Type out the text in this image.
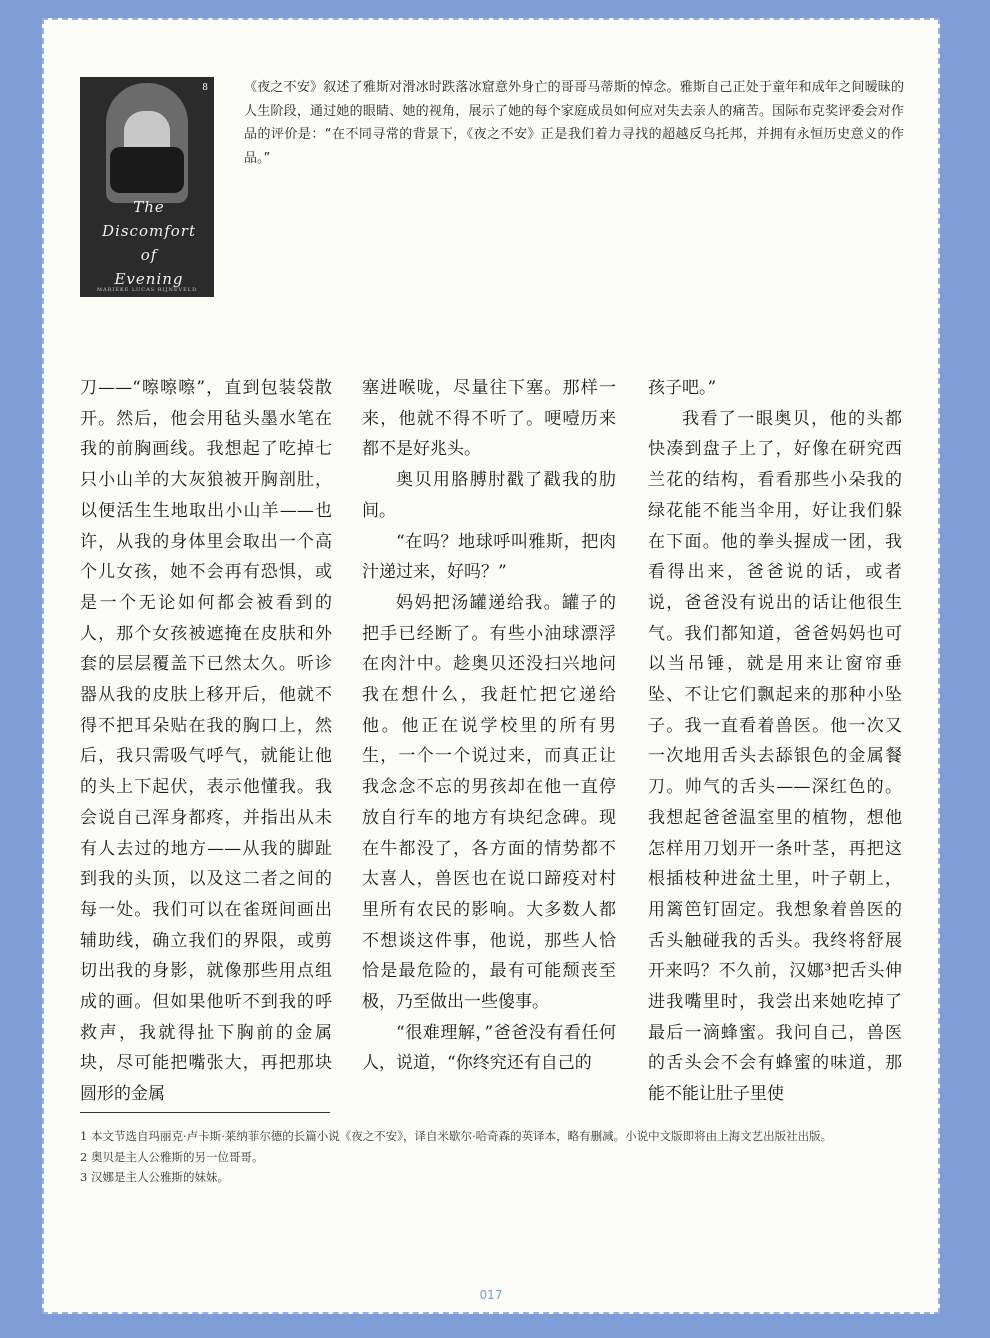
8
The
Discomfort
of
Evening
MARIEKE LUCAS RIJNEVELD
《夜之不安》叙述了雅斯对滑冰时跌落冰窟意外身亡的哥哥马蒂斯的悼念。雅斯自己正处于童年和成年之间暧昧的人生阶段，通过她的眼睛、她的视角，展示了她的每个家庭成员如何应对失去亲人的痛苦。国际布克奖评委会对作品的评价是：“在不同寻常的背景下，《夜之不安》正是我们着力寻找的超越反乌托邦，并拥有永恒历史意义的作品。”

刀——“嚓嚓嚓”，直到包装袋散开。然后，他会用毡头墨水笔在我的前胸画线。我想起了吃掉七只小山羊的大灰狼被开胸剖肚，以便活生生地取出小山羊——也许，从我的身体里会取出一个高个儿女孩，她不会再有恐惧，或是一个无论如何都会被看到的人，那个女孩被遮掩在皮肤和外套的层层覆盖下已然太久。听诊器从我的皮肤上移开后，他就不得不把耳朵贴在我的胸口上，然后，我只需吸气呼气，就能让他的头上下起伏，表示他懂我。我会说自己浑身都疼，并指出从未有人去过的地方——从我的脚趾到我的头顶，以及这二者之间的每一处。我们可以在雀斑间画出辅助线，确立我们的界限，或剪切出我的身影，就像那些用点组成的画。但如果他听不到我的呼救声，我就得扯下胸前的金属块，尽可能把嘴张大，再把那块圆形的金属

塞进喉咙，尽量往下塞。那样一来，他就不得不听了。哽噎历来都不是好兆头。

奥贝用胳膊肘戳了戳我的肋间。

“在吗？地球呼叫雅斯，把肉汁递过来，好吗？”

妈妈把汤罐递给我。罐子的把手已经断了。有些小油球漂浮在肉汁中。趁奥贝还没扫兴地问我在想什么，我赶忙把它递给他。他正在说学校里的所有男生，一个一个说过来，而真正让我念念不忘的男孩却在他一直停放自行车的地方有块纪念碑。现在牛都没了，各方面的情势都不太喜人，兽医也在说口蹄疫对村里所有农民的影响。大多数人都不想谈这件事，他说，那些人恰恰是最危险的，最有可能颓丧至极，乃至做出一些傻事。

“很难理解，”爸爸没有看任何人，说道，“你终究还有自己的

孩子吧。”

我看了一眼奥贝，他的头都快凑到盘子上了，好像在研究西兰花的结构，看看那些小朵我的绿花能不能当伞用，好让我们躲在下面。他的拳头握成一团，我看得出来，爸爸说的话，或者说，爸爸没有说出的话让他很生气。我们都知道，爸爸妈妈也可以当吊锤，就是用来让窗帘垂坠、不让它们飘起来的那种小坠子。我一直看着兽医。他一次又一次地用舌头去舔银色的金属餐刀。帅气的舌头——深红色的。我想起爸爸温室里的植物，想他怎样用刀划开一条叶茎，再把这根插枝种进盆土里，叶子朝上，用篱笆钉固定。我想象着兽医的舌头触碰我的舌头。我终将舒展开来吗？不久前，汉娜³把舌头伸进我嘴里时，我尝出来她吃掉了最后一滴蜂蜜。我问自己，兽医的舌头会不会有蜂蜜的味道，那能不能让肚子里使

1 本文节选自玛丽克·卢卡斯·莱纳菲尔德的长篇小说《夜之不安》，译自米歇尔·哈奇森的英译本，略有删减。小说中文版即将由上海文艺出版社出版。

2 奥贝是主人公雅斯的另一位哥哥。

3 汉娜是主人公雅斯的妹妹。

017
